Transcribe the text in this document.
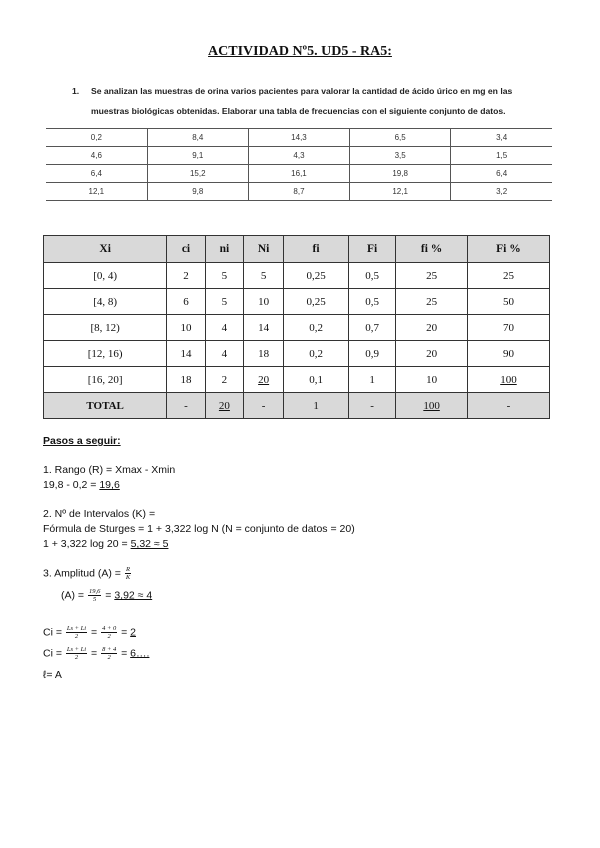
ACTIVIDAD Nº5. UD5 - RA5:
1. Se analizan las muestras de orina varios pacientes para valorar la cantidad de ácido úrico en mg en las muestras biológicas obtenidas. Elaborar una tabla de frecuencias con el siguiente conjunto de datos.
0,2	8,4	14,3	6,5	3,4
4,6	9,1	4,3	3,5	1,5
6,4	15,2	16,1	19,8	6,4
12,1	9,8	8,7	12,1	3,2
Xi	ci	ni	Ni	fi	Fi	fi %	Fi %
[0, 4)	2	5	5	0,25	0,5	25	25
[4, 8)	6	5	10	0,25	0,5	25	50
[8, 12)	10	4	14	0,2	0,7	20	70
[12, 16)	14	4	18	0,2	0,9	20	90
[16, 20]	18	2	20	0,1	1	10	100
TOTAL	-	20	-	1	-	100	-
Pasos a seguir:
1. Rango (R) = Xmax - Xmin
19,8 - 0,2 = 19,6
2. Nº de Intervalos (K) =
Fórmula de Sturges = 1 + 3,322 log N (N = conjunto de datos = 20)
1 + 3,322 log 20 = 5,32 ≈ 5
3. Amplitud $(A) = \frac{R}{K}$
$(A) = \frac{19,6}{5} = 3,92 \approx 4$
$Ci = \frac{Ls + Li}{2} = \frac{4 + 0}{2} = 2$
$Ci = \frac{Ls + Li}{2} = \frac{8 + 4}{2}$ = 6….
ℓ= A
